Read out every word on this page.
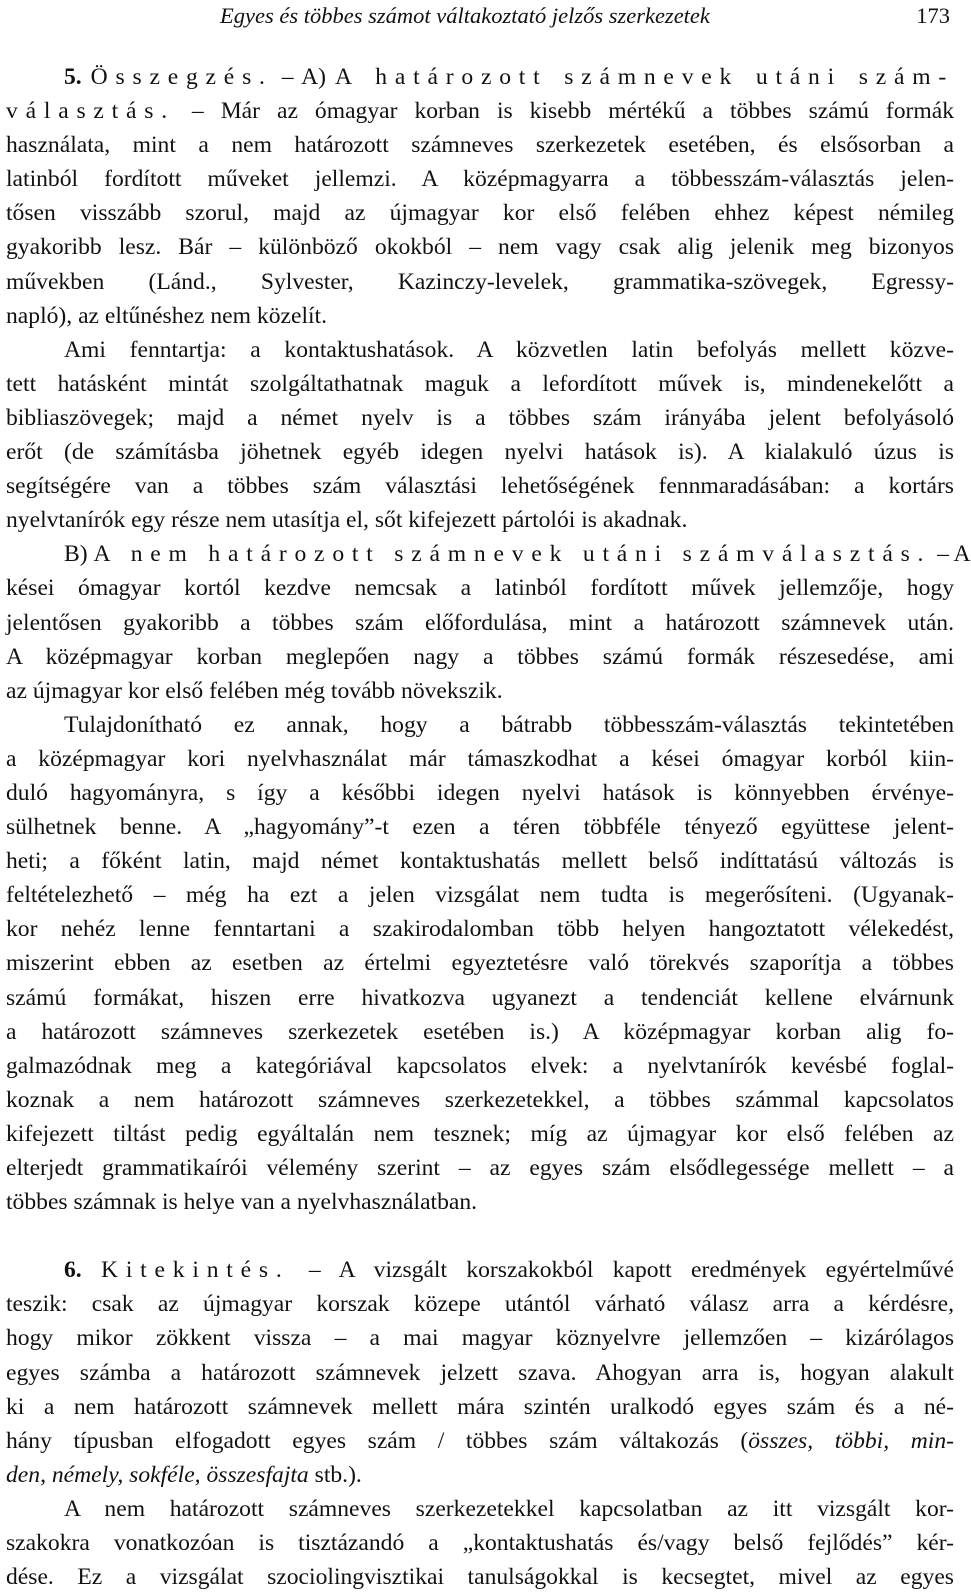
Egyes és többes számot váltakoztató jelzős szerkezetek	173
5. Összegzés. – A) A határozott számnevek utáni szám-
választás. – Már az ómagyar korban is kisebb mértékű a többes számú formák
használata, mint a nem határozott számneves szerkezetek esetében, és elsősorban a
latinból fordított műveket jellemzi. A középmagyarra a többesszám-választás jelen-
tősen visszább szorul, majd az újmagyar kor első felében ehhez képest némileg
gyakoribb lesz. Bár – különböző okokból – nem vagy csak alig jelenik meg bizonyos
művekben (Lánd., Sylvester, Kazinczy-levelek, grammatika-szövegek, Egressy-
napló), az eltűnéshez nem közelít.
Ami fenntartja: a kontaktushatások. A közvetlen latin befolyás mellett közve-
tett hatásként mintát szolgáltathatnak maguk a lefordított művek is, mindenekelőtt a
bibliaszövegek; majd a német nyelv is a többes szám irányába jelent befolyásoló
erőt (de számításba jöhetnek egyéb idegen nyelvi hatások is). A kialakuló úzus is
segítségére van a többes szám választási lehetőségének fennmaradásában: a kortárs
nyelvtanírók egy része nem utasítja el, sőt kifejezett pártolói is akadnak.
B) A nem határozott számnevek utáni számválasztás. – A
kései ómagyar kortól kezdve nemcsak a latinból fordított művek jellemzője, hogy
jelentősen gyakoribb a többes szám előfordulása, mint a határozott számnevek után.
A középmagyar korban meglepően nagy a többes számú formák részesedése, ami
az újmagyar kor első felében még tovább növekszik.
Tulajdonítható ez annak, hogy a bátrabb többesszám-választás tekintetében
a középmagyar kori nyelvhasználat már támaszkodhat a kései ómagyar korból kiin-
duló hagyományra, s így a későbbi idegen nyelvi hatások is könnyebben érvénye-
sülhetnek benne. A „hagyomány”-t ezen a téren többféle tényező együttese jelent-
heti; a főként latin, majd német kontaktushatás mellett belső indíttatású változás is
feltételezhető – még ha ezt a jelen vizsgálat nem tudta is megerősíteni. (Ugyanak-
kor nehéz lenne fenntartani a szakirodalomban több helyen hangoztatott vélekedést,
miszerint ebben az esetben az értelmi egyeztetésre való törekvés szaporítja a többes
számú formákat, hiszen erre hivatkozva ugyanezt a tendenciát kellene elvárnunk
a határozott számneves szerkezetek esetében is.) A középmagyar korban alig fo-
galmazódnak meg a kategóriával kapcsolatos elvek: a nyelvtanírók kevésbé foglal-
koznak a nem határozott számneves szerkezetekkel, a többes számmal kapcsolatos
kifejezett tiltást pedig egyáltalán nem tesznek; míg az újmagyar kor első felében az
elterjedt grammatikaírói vélemény szerint – az egyes szám elsődlegessége mellett – a
többes számnak is helye van a nyelvhasználatban.
6. Kitekintés. – A vizsgált korszakokból kapott eredmények egyértelművé
teszik: csak az újmagyar korszak közepe utántól várható válasz arra a kérdésre,
hogy mikor zökkent vissza – a mai magyar köznyelvre jellemzően – kizárólagos
egyes számba a határozott számnevek jelzett szava. Ahogyan arra is, hogyan alakult
ki a nem határozott számnevek mellett mára szintén uralkodó egyes szám és a né-
hány típusban elfogadott egyes szám / többes szám váltakozás (összes, többi, min-
den, némely, sokféle, összesfajta stb.).
A nem határozott számneves szerkezetekkel kapcsolatban az itt vizsgált kor-
szakokra vonatkozóan is tisztázandó a „kontaktushatás és/vagy belső fejlődés” kér-
dése. Ez a vizsgálat szociolingvisztikai tanulságokkal is kecsegtet, mivel az egyes
